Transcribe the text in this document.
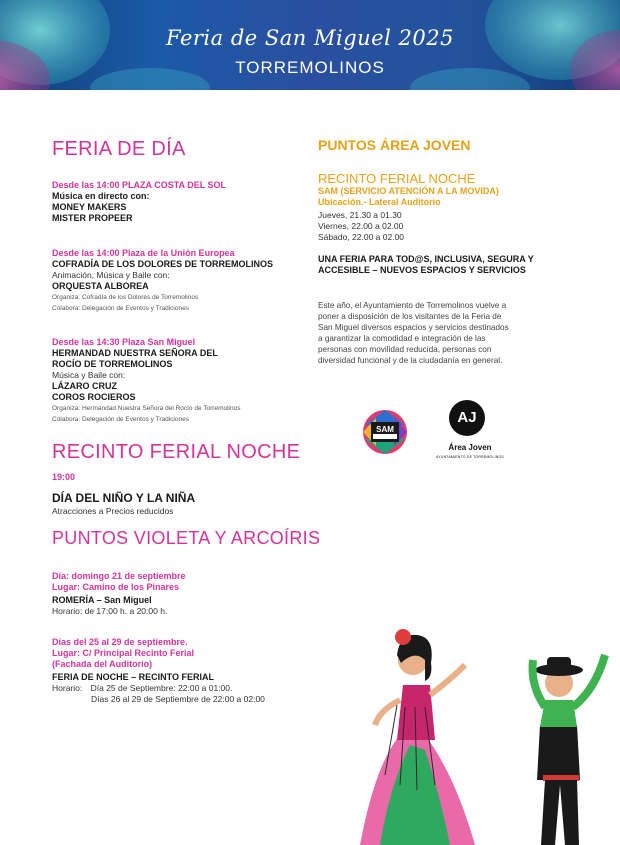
Feria de San Miguel 2025
TORREMOLINOS
FERIA DE DÍA
Desde las 14:00 PLAZA COSTA DEL SOL
Música en directo con:
MONEY MAKERS
MISTER PROPEER
Desde las 14:00 Plaza de la Unión Europea
COFRADÍA DE LOS DOLORES DE TORREMOLINOS
Animación, Música y Baile con:
ORQUESTA ALBOREA
Organiza: Cofradía de los Dolores de Torremolinos
Colabora: Delegación de Eventos y Tradiciones
Desde las 14:30 Plaza San Miguel
HERMANDAD NUESTRA SEÑORA DEL
ROCÍO DE TORREMOLINOS
Música y Baile con:
LÁZARO CRUZ
COROS ROCIEROS
Organiza: Hermandad Nuestra Señora del Rocío de Torremolinos
Colabora: Delegación de Eventos y Tradiciones
RECINTO FERIAL NOCHE
19:00
DÍA DEL NIÑO Y LA NIÑA
Atracciones a Precios reducidos
PUNTOS VIOLETA Y ARCOÍRIS
Día: domingo 21 de septiembre
Lugar: Camino de los Pinares
ROMERÍA – San Miguel
Horario: de 17:00 h. a 20:00 h.
Días del 25 al 29 de septiembre.
Lugar: C/ Principal Recinto Ferial
(Fachada del Auditorio)
FERIA DE NOCHE – RECINTO FERIAL
Horario: Día 25 de Septiembre: 22:00 a 01:00.
Días 26 al 29 de Septiembre de 22:00 a 02:00
PUNTOS ÁREA JOVEN
RECINTO FERIAL NOCHE
SAM (SERVICIO ATENCIÓN A LA MOVIDA)
Ubicación.- Lateral Auditorio
Jueves, 21.30 a 01.30
Viernes, 22.00 a 02.00
Sábado, 22.00 a 02.00
UNA FERIA PARA TOD@S, INCLUSIVA, SEGURA Y
ACCESIBLE – NUEVOS ESPACIOS Y SERVICIOS
Este año, el Ayuntamiento de Torremolinos vuelve a
poner a disposición de los visitantes de la Feria de
San Miguel diversos espacios y servicios destinados
a garantizar la comodidad e integración de las
personas con movilidad reducida, personas con
diversidad funcional y de la ciudadanía en general.
SAM
AJ
Área Joven
AYUNTAMIENTO DE TORREMOLINOS
